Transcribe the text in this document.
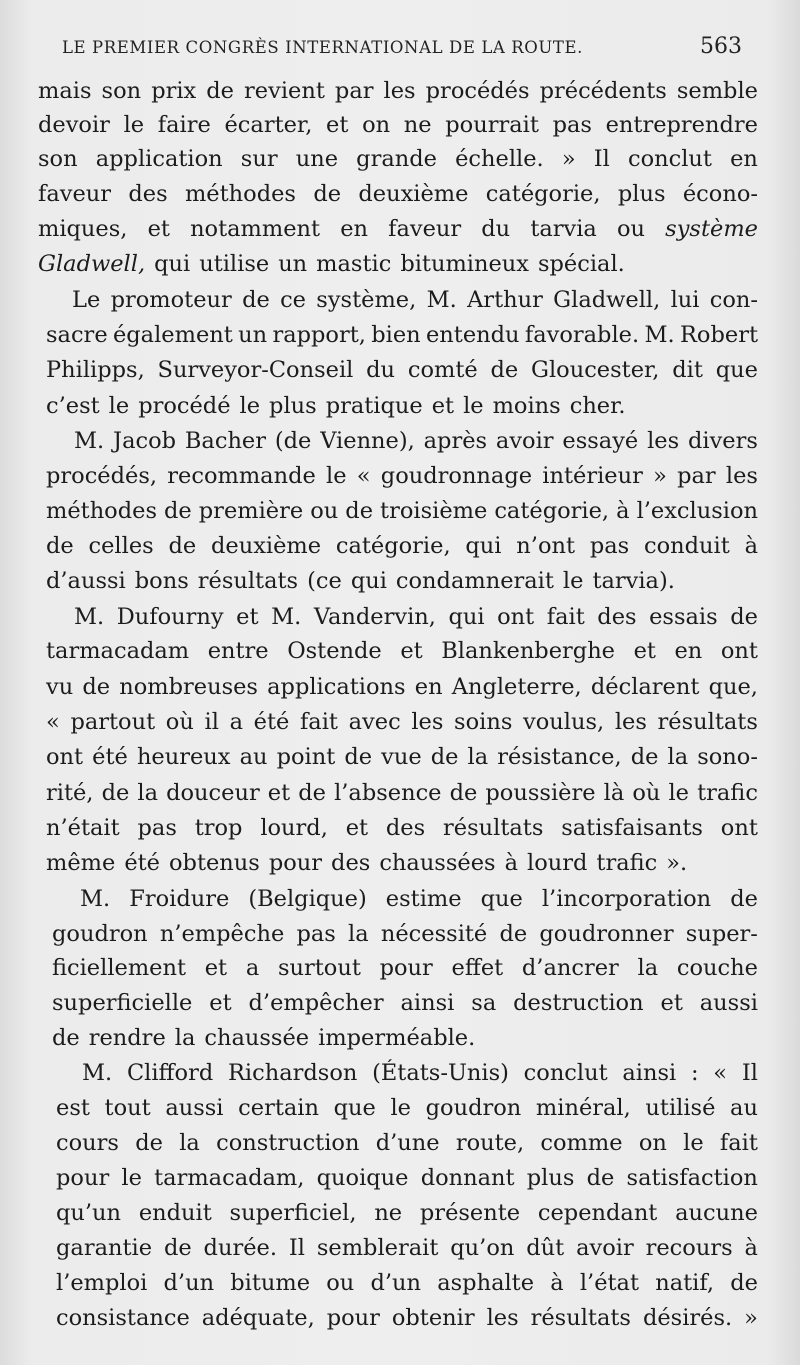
LE PREMIER CONGRÈS INTERNATIONAL DE LA ROUTE.	563
mais son prix de revient par les procédés précédents semble
devoir le faire écarter, et on ne pourrait pas entreprendre
son application sur une grande échelle. » Il conclut en
faveur des méthodes de deuxième catégorie, plus écono-
miques, et notamment en faveur du tarvia ou système
Gladwell, qui utilise un mastic bitumineux spécial.
Le promoteur de ce système, M. Arthur Gladwell, lui con-
sacre également un rapport, bien entendu favorable. M. Robert
Philipps, Surveyor-Conseil du comté de Gloucester, dit que
c’est le procédé le plus pratique et le moins cher.
M. Jacob Bacher (de Vienne), après avoir essayé les divers
procédés, recommande le « goudronnage intérieur » par les
méthodes de première ou de troisième catégorie, à l’exclusion
de celles de deuxième catégorie, qui n’ont pas conduit à
d’aussi bons résultats (ce qui condamnerait le tarvia).
M. Dufourny et M. Vandervin, qui ont fait des essais de
tarmacadam entre Ostende et Blankenberghe et en ont
vu de nombreuses applications en Angleterre, déclarent que,
« partout où il a été fait avec les soins voulus, les résultats
ont été heureux au point de vue de la résistance, de la sono-
rité, de la douceur et de l’absence de poussière là où le trafic
n’était pas trop lourd, et des résultats satisfaisants ont
même été obtenus pour des chaussées à lourd trafic ».
M. Froidure (Belgique) estime que l’incorporation de
goudron n’empêche pas la nécessité de goudronner super-
ficiellement et a surtout pour effet d’ancrer la couche
superficielle et d’empêcher ainsi sa destruction et aussi
de rendre la chaussée imperméable.
M. Clifford Richardson (États-Unis) conclut ainsi : « Il
est tout aussi certain que le goudron minéral, utilisé au
cours de la construction d’une route, comme on le fait
pour le tarmacadam, quoique donnant plus de satisfaction
qu’un enduit superficiel, ne présente cependant aucune
garantie de durée. Il semblerait qu’on dût avoir recours à
l’emploi d’un bitume ou d’un asphalte à l’état natif, de
consistance adéquate, pour obtenir les résultats désirés. »
